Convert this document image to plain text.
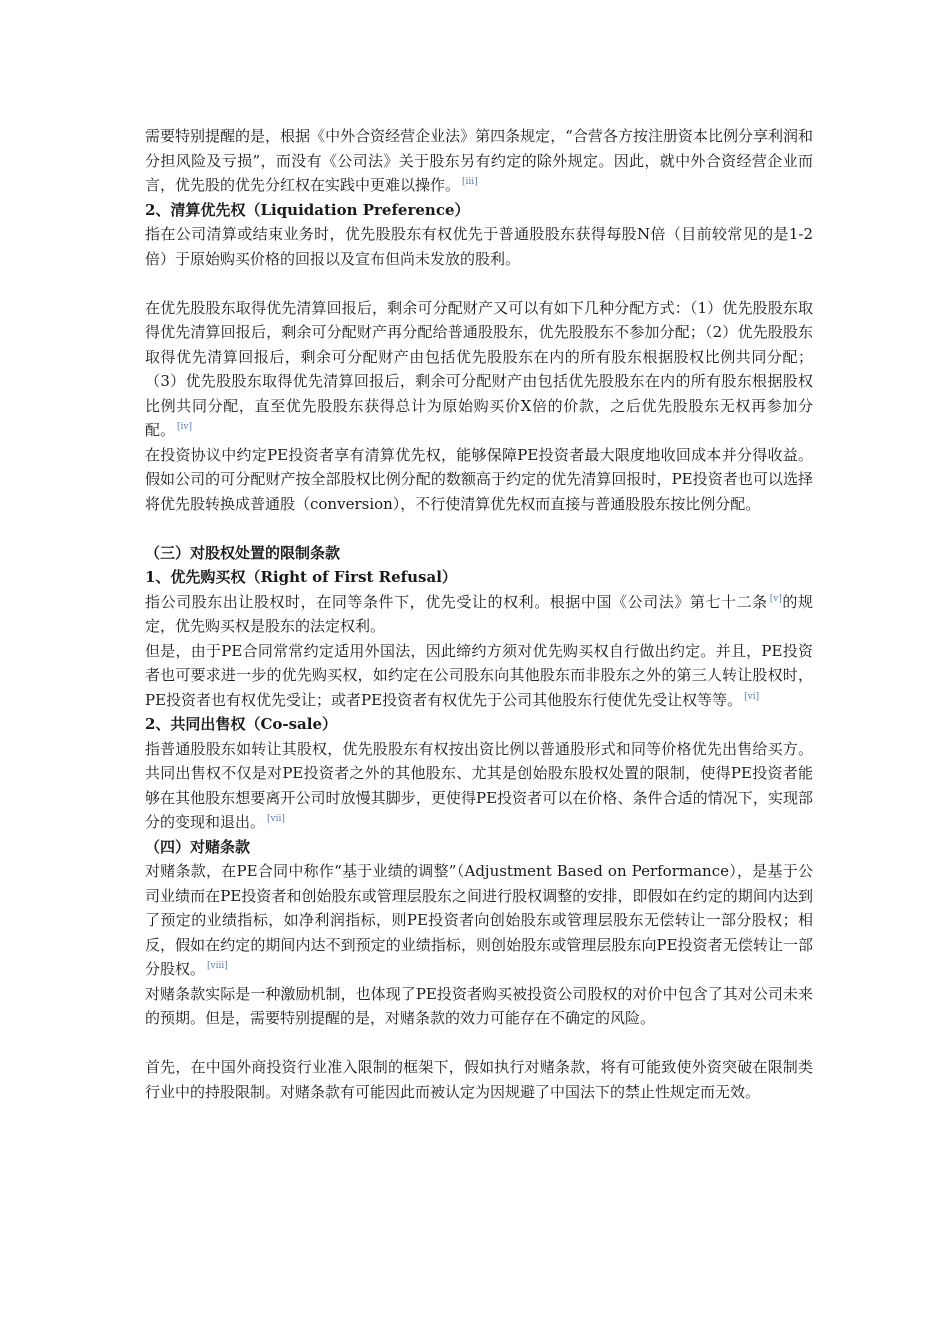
需要特别提醒的是，根据《中外合资经营企业法》第四条规定，“合营各方按注册资本比例分享利润和分担风险及亏损”，而没有《公司法》关于股东另有约定的除外规定。因此，就中外合资经营企业而言，优先股的优先分红权在实践中更难以操作。 [iii]

2、清算优先权（Liquidation Preference）

指在公司清算或结束业务时，优先股股东有权优先于普通股股东获得每股N倍（目前较常见的是1-2倍）于原始购买价格的回报以及宣布但尚未发放的股利。

在优先股股东取得优先清算回报后，剩余可分配财产又可以有如下几种分配方式：（1）优先股股东取得优先清算回报后，剩余可分配财产再分配给普通股股东，优先股股东不参加分配；（2）优先股股东取得优先清算回报后，剩余可分配财产由包括优先股股东在内的所有股东根据股权比例共同分配；（3）优先股股东取得优先清算回报后，剩余可分配财产由包括优先股股东在内的所有股东根据股权比例共同分配，直至优先股股东获得总计为原始购买价X倍的价款，之后优先股股东无权再参加分配。 [iv]

在投资协议中约定PE投资者享有清算优先权，能够保障PE投资者最大限度地收回成本并分得收益。假如公司的可分配财产按全部股权比例分配的数额高于约定的优先清算回报时，PE投资者也可以选择将优先股转换成普通股（conversion），不行使清算优先权而直接与普通股股东按比例分配。

（三）对股权处置的限制条款

1、优先购买权（Right of First Refusal）

指公司股东出让股权时，在同等条件下，优先受让的权利。根据中国《公司法》第七十二条 [v]的规定，优先购买权是股东的法定权利。

但是，由于PE合同常常约定适用外国法，因此缔约方须对优先购买权自行做出约定。并且，PE投资者也可要求进一步的优先购买权，如约定在公司股东向其他股东而非股东之外的第三人转让股权时，PE投资者也有权优先受让；或者PE投资者有权优先于公司其他股东行使优先受让权等等。 [vi]

2、共同出售权（Co-sale）

指普通股股东如转让其股权，优先股股东有权按出资比例以普通股形式和同等价格优先出售给买方。共同出售权不仅是对PE投资者之外的其他股东、尤其是创始股东股权处置的限制，使得PE投资者能够在其他股东想要离开公司时放慢其脚步，更使得PE投资者可以在价格、条件合适的情况下，实现部分的变现和退出。 [vii]

（四）对赌条款

对赌条款，在PE合同中称作“基于业绩的调整”（Adjustment Based on Performance），是基于公司业绩而在PE投资者和创始股东或管理层股东之间进行股权调整的安排，即假如在约定的期间内达到了预定的业绩指标，如净利润指标，则PE投资者向创始股东或管理层股东无偿转让一部分股权；相反，假如在约定的期间内达不到预定的业绩指标，则创始股东或管理层股东向PE投资者无偿转让一部分股权。 [viii]

对赌条款实际是一种激励机制，也体现了PE投资者购买被投资公司股权的对价中包含了其对公司未来的预期。但是，需要特别提醒的是，对赌条款的效力可能存在不确定的风险。

首先，在中国外商投资行业准入限制的框架下，假如执行对赌条款，将有可能致使外资突破在限制类行业中的持股限制。对赌条款有可能因此而被认定为因规避了中国法下的禁止性规定而无效。
